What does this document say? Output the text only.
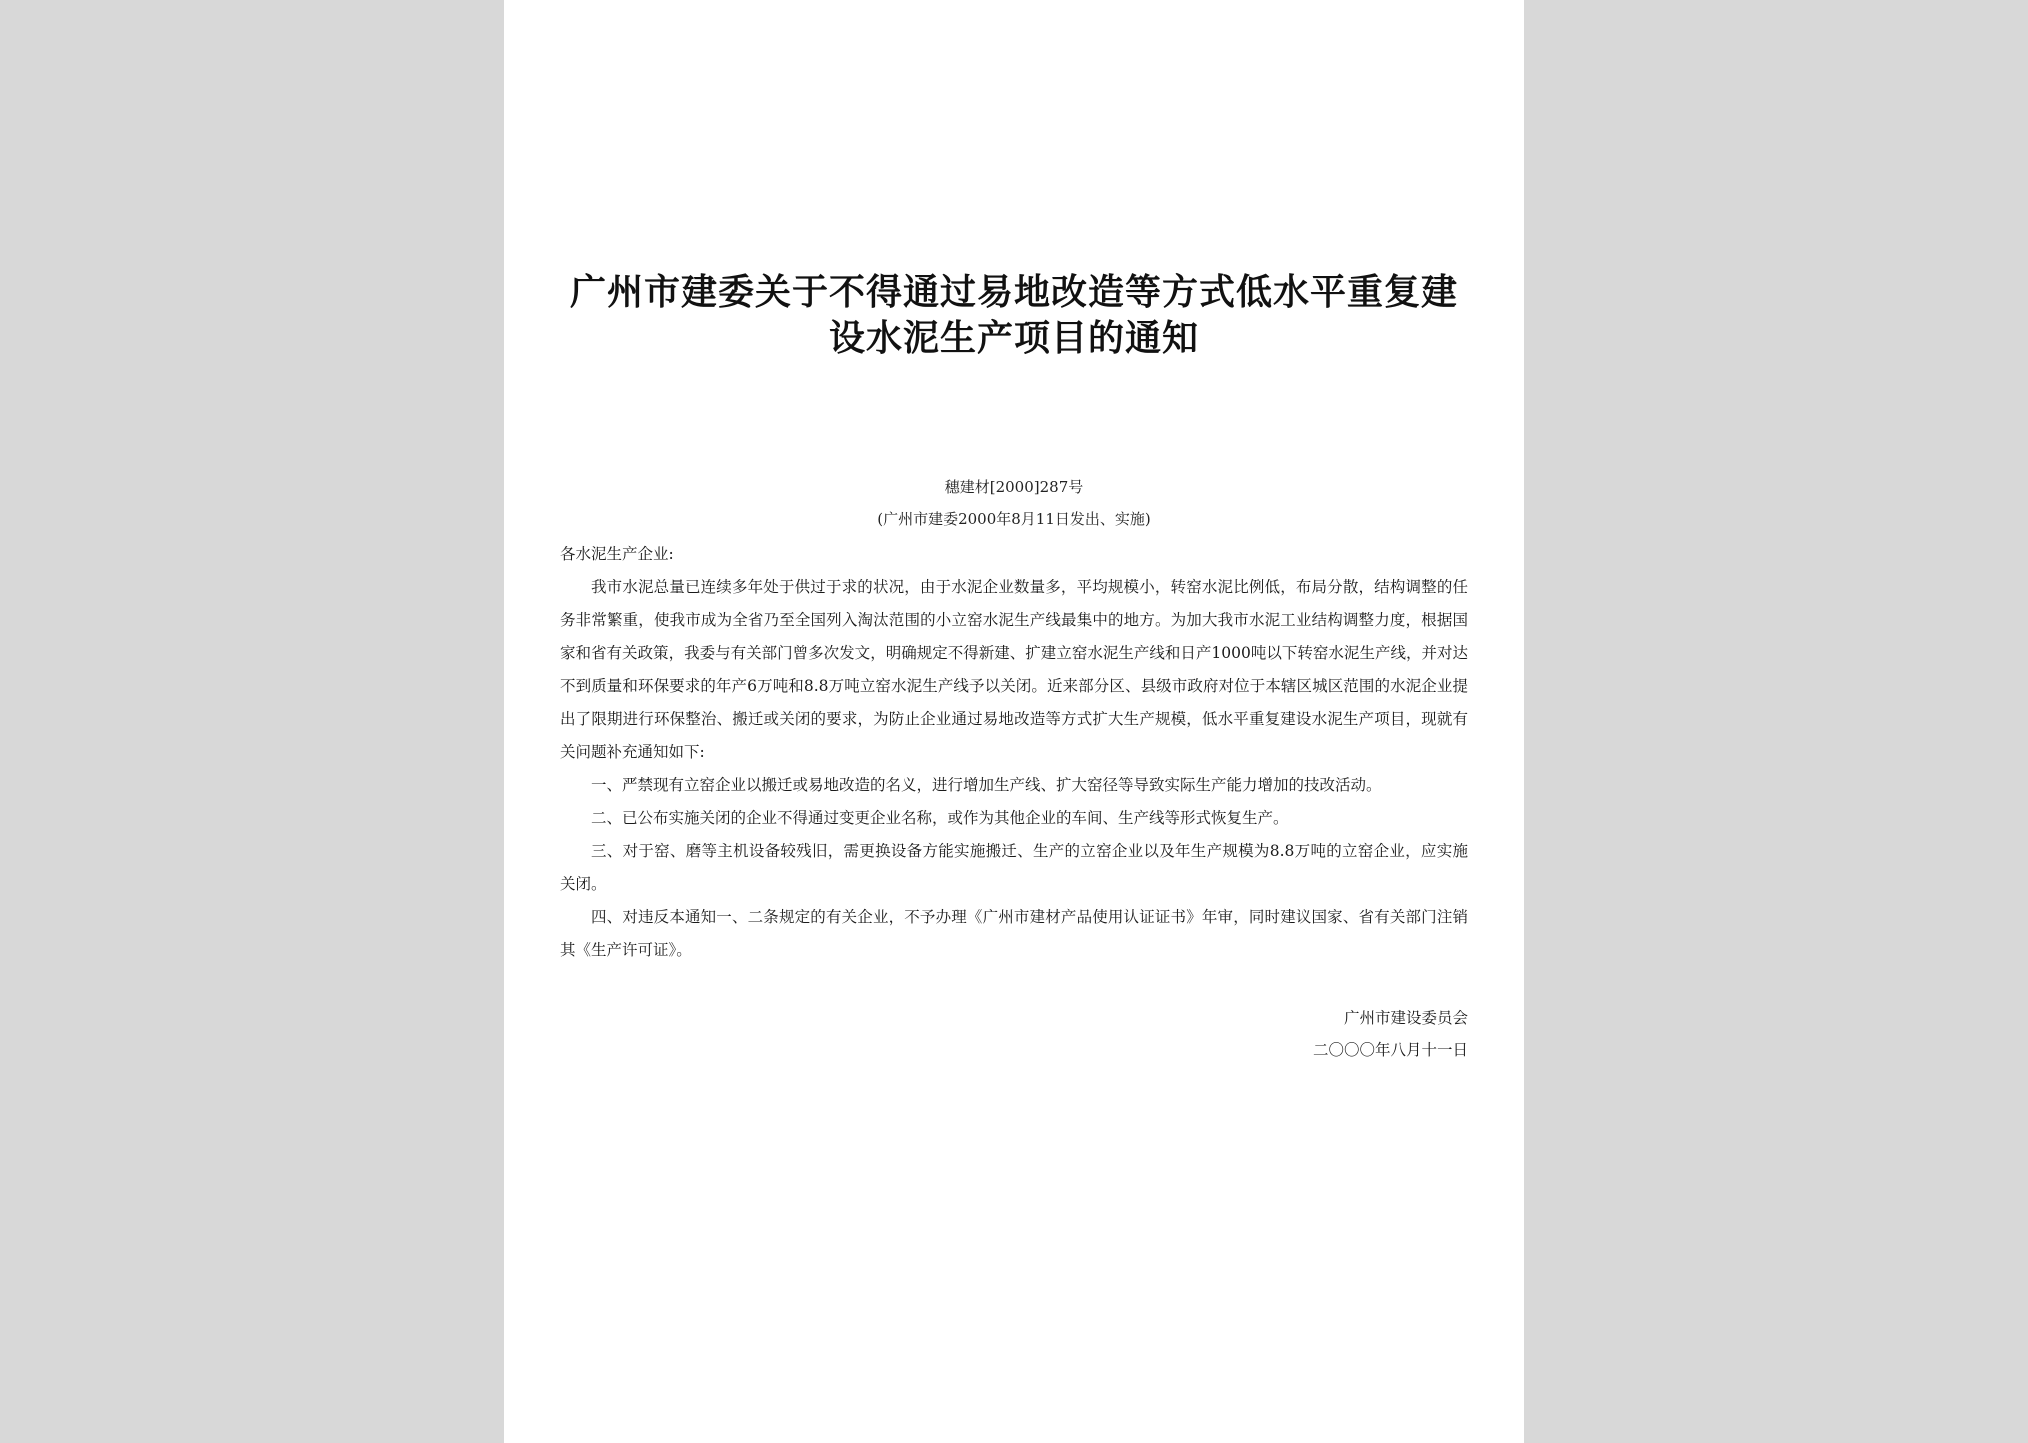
广州市建委关于不得通过易地改造等方式低水平重复建
设水泥生产项目的通知
穗建材[2000]287号
(广州市建委2000年8月11日发出、实施)
各水泥生产企业:

我市水泥总量已连续多年处于供过于求的状况，由于水泥企业数量多，平均规模小，转窑水泥比例低，布局分散，结构调整的任务非常繁重，使我市成为全省乃至全国列入淘汰范围的小立窑水泥生产线最集中的地方。为加大我市水泥工业结构调整力度，根据国家和省有关政策，我委与有关部门曾多次发文，明确规定不得新建、扩建立窑水泥生产线和日产1000吨以下转窑水泥生产线，并对达不到质量和环保要求的年产6万吨和8.8万吨立窑水泥生产线予以关闭。近来部分区、县级市政府对位于本辖区城区范围的水泥企业提出了限期进行环保整治、搬迁或关闭的要求，为防止企业通过易地改造等方式扩大生产规模，低水平重复建设水泥生产项目，现就有关问题补充通知如下:

一、严禁现有立窑企业以搬迁或易地改造的名义，进行增加生产线、扩大窑径等导致实际生产能力增加的技改活动。

二、已公布实施关闭的企业不得通过变更企业名称，或作为其他企业的车间、生产线等形式恢复生产。

三、对于窑、磨等主机设备较残旧，需更换设备方能实施搬迁、生产的立窑企业以及年生产规模为8.8万吨的立窑企业，应实施关闭。

四、对违反本通知一、二条规定的有关企业，不予办理《广州市建材产品使用认证证书》年审，同时建议国家、省有关部门注销其《生产许可证》。

广州市建设委员会
二〇〇〇年八月十一日
